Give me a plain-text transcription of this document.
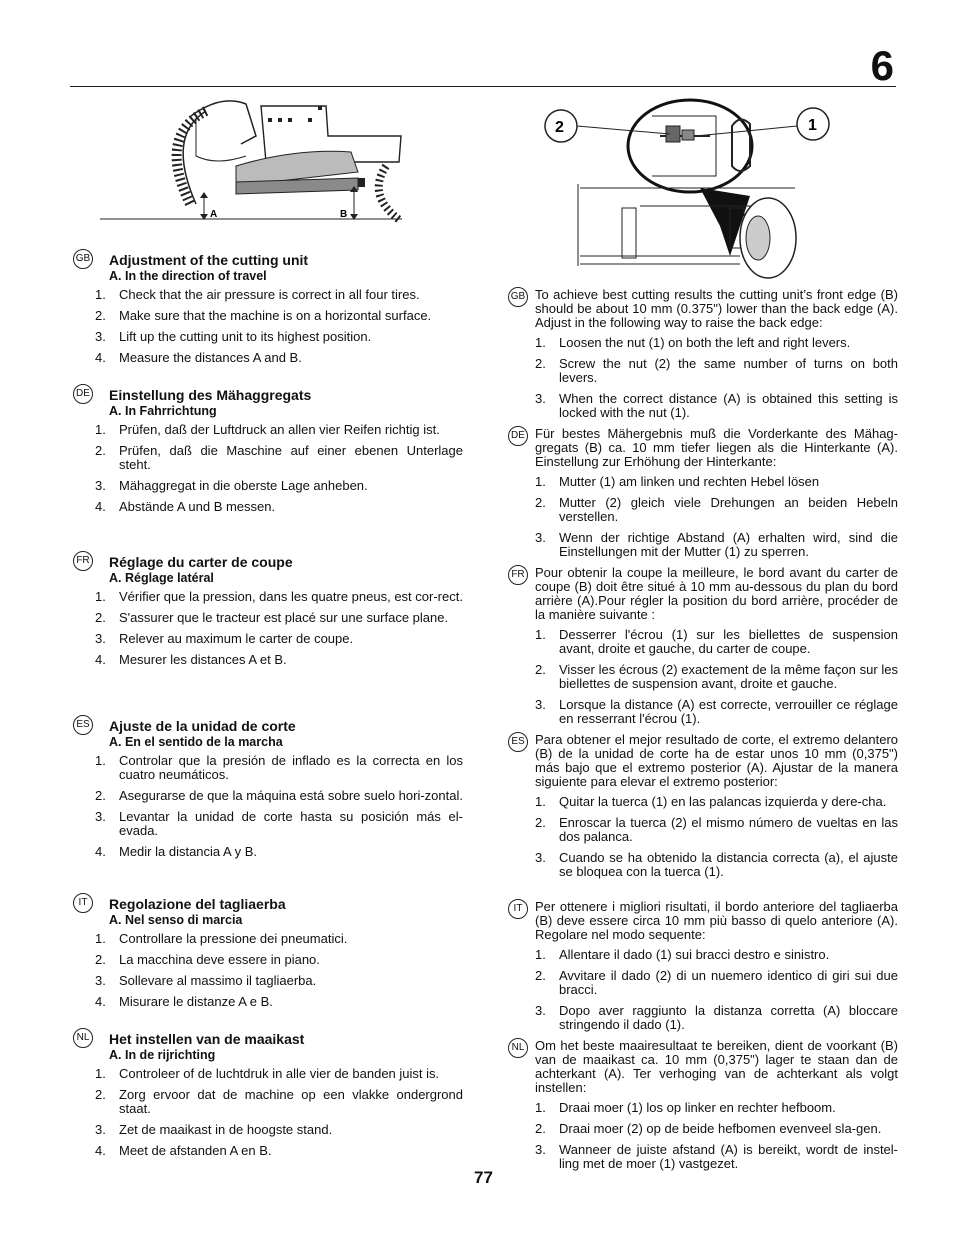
6
A	B
2	1
GB Adjustment of the cutting unit
A. In the direction of travel
1.	Check that the air pressure is correct in all four tires.
2.	Make sure that the machine is on a horizontal surface.
3.	Lift up the cutting unit to its highest position.
4.	Measure the distances A and B.
DE Einstellung des Mähaggregats
A. In Fahrrichtung
1.	Prüfen, daß der Luftdruck an allen vier Reifen richtig ist.
2.	Prüfen, daß die Maschine auf einer ebenen Unterlage steht.
3.	Mähaggregat in die oberste Lage anheben.
4.	Abstände A und B messen.
FR Réglage du carter de coupe
A. Réglage latéral
1.	Vérifier que la pression, dans les quatre pneus, est cor-rect.
2.	S'assurer que le tracteur est placé sur une surface plane.
3.	Relever au maximum le carter de coupe.
4.	Mesurer les distances A et B.
ES Ajuste de la unidad de corte
A. En el sentido de la marcha
1.	Controlar que la presión de inflado es la correcta en los cuatro neumáticos.
2.	Asegurarse de que la máquina está sobre suelo hori-zontal.
3.	Levantar la unidad de corte hasta su posición más el-evada.
4.	Medir la distancia A y B.
IT	Regolazione del tagliaerba
A. Nel senso di marcia
1.	Controllare la pressione dei pneumatici.
2.	La macchina deve essere in piano.
3.	Sollevare al massimo il tagliaerba.
4.	Misurare le distanze A e B.
NL Het instellen van de maaikast
A. In de rijrichting
1.	Controleer of de luchtdruk in alle vier de banden juist is.
2.	Zorg ervoor dat de machine op een vlakke ondergrond staat.
3.	Zet de maaikast in de hoogste stand.
4.	Meet de afstanden A en B.
GB To achieve best cutting results the cutting unit’s front edge (B) should be about 10 mm (0.375") lower than the back edge (A). Adjust in the following way to raise the back edge:
1.	Loosen the nut (1) on both the left and right levers.
2.	Screw the nut (2) the same number of turns on both levers.
3.	When the correct distance (A) is obtained this setting is locked with the nut (1).
DE Für bestes Mähergebnis muß die Vorderkante des Mähag-gregats (B) ca. 10 mm tiefer liegen als die Hinterkante (A). Einstellung zur Erhöhung der Hinterkante:
1.	Mutter (1) am linken und rechten Hebel lösen
2.	Mutter (2) gleich viele Drehungen an beiden Hebeln verstellen.
3.	Wenn der richtige Abstand (A) erhalten wird, sind die Einstellungen mit der Mutter (1) zu sperren.
FR Pour obtenir la coupe la meilleure, le bord avant du carter de coupe (B) doit être situé à 10 mm au-dessous du plan du bord arrière (A).Pour régler la position du bord arrière, procéder de la manière suivante :
1.	Desserrer l'écrou (1) sur les biellettes de suspension avant, droite et gauche, du carter de coupe.
2.	Visser les écrous (2) exactement de la même façon sur les biellettes de suspension avant, droite et gauche.
3.	Lorsque la distance (A) est correcte, verrouiller ce réglage en resserrant l'écrou (1).
ES Para obtener el mejor resultado de corte, el extremo delantero (B) de la unidad de corte ha de estar unos 10 mm (0,375") más bajo que el extremo posterior (A). Ajustar de la manera siguiente para elevar el extremo posterior:
1.	Quitar la tuerca (1) en las palancas izquierda y dere-cha.
2.	Enroscar la tuerca (2) el mismo número de vueltas en las dos palanca.
3.	Cuando se ha obtenido la distancia correcta (a), el ajuste se bloquea con la tuerca (1).
IT Per ottenere i migliori risultati, il bordo anteriore del tagliaerba (B) deve essere circa 10 mm più basso di quelo anteriore (A). Regolare nel modo sequente:
1.	Allentare il dado (1) sui bracci destro e sinistro.
2.	Avvitare il dado (2) di un nuemero identico di giri sui due bracci.
3.	Dopo aver raggiunto la distanza corretta (A) bloccare stringendo il dado (1).
NL Om het beste maairesultaat te bereiken, dient de voorkant (B) van de maaikast ca. 10 mm (0,375") lager te staan dan de achterkant (A). Ter verhoging van de achterkant als volgt instellen:
1.	Draai moer (1) los op linker en rechter hefboom.
2.	Draai moer (2) op de beide hefbomen evenveel sla-gen.
3.	Wanneer de juiste afstand (A) is bereikt, wordt de instel-ling met de moer (1) vastgezet.
77
